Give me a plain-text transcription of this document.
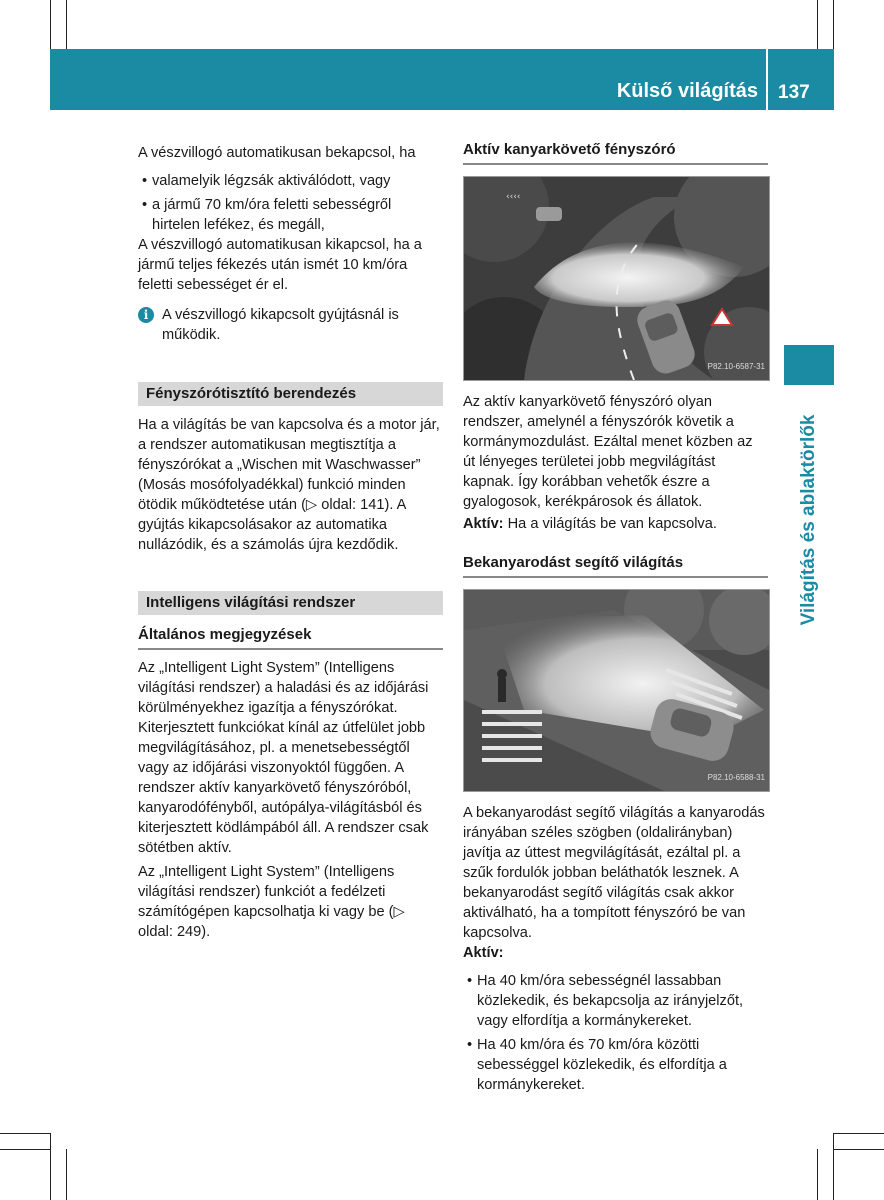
Külső világítás 137
Világítás és ablaktörlők

A vészvillogó automatikusan bekapcsol, ha

• valamelyik légzsák aktiválódott, vagy

• a jármű 70 km/óra feletti sebességről hirtelen lefékez, és megáll,

A vészvillogó automatikusan kikapcsol, ha a jármű teljes fékezés után ismét 10 km/óra feletti sebességet ér el.

i A vészvillogó kikapcsolt gyújtásnál is működik.

Fényszórótisztító berendezés

Ha a világítás be van kapcsolva és a motor jár, a rendszer automatikusan megtisztítja a fényszórókat a „Wischen mit Waschwasser” (Mosás mosófolyadékkal) funkció minden ötödik működtetése után (▷ oldal: 141). A gyújtás kikapcsolásakor az automatika nullázódik, és a számolás újra kezdődik.

Intelligens világítási rendszer
Általános megjegyzések

Az „Intelligent Light System” (Intelligens világítási rendszer) a haladási és az időjárási körülményekhez igazítja a fényszórókat. Kiterjesztett funkciókat kínál az útfelület jobb megvilágításához, pl. a menetsebességtől vagy az időjárási viszonyoktól függően. A rendszer aktív kanyarkövető fényszóróból, kanyarodófényből, autópálya-világításból és kiterjesztett ködlámpából áll. A rendszer csak sötétben aktív.

Az „Intelligent Light System” (Intelligens világítási rendszer) funkciót a fedélzeti számítógépen kapcsolhatja ki vagy be (▷ oldal: 249).

Aktív kanyarkövető fényszóró
‹‹‹‹
P82.10-6587-31

Az aktív kanyarkövető fényszóró olyan rendszer, amelynél a fényszórók követik a kormánymozdulást. Ezáltal menet közben az út lényeges területei jobb megvilágítást kapnak. Így korábban vehetők észre a gyalogosok, kerékpárosok és állatok.

Aktív: Ha a világítás be van kapcsolva.

Bekanyarodást segítő világítás
P82.10-6588-31

A bekanyarodást segítő világítás a kanyarodás irányában széles szögben (oldalirányban) javítja az úttest megvilágítását, ezáltal pl. a szűk fordulók jobban beláthatók lesznek. A bekanyarodást segítő világítás csak akkor aktiválható, ha a tompított fényszóró be van kapcsolva.

Aktív:

• Ha 40 km/óra sebességnél lassabban közlekedik, és bekapcsolja az irányjelzőt, vagy elfordítja a kormánykereket.

• Ha 40 km/óra és 70 km/óra közötti sebességgel közlekedik, és elfordítja a kormánykereket.
